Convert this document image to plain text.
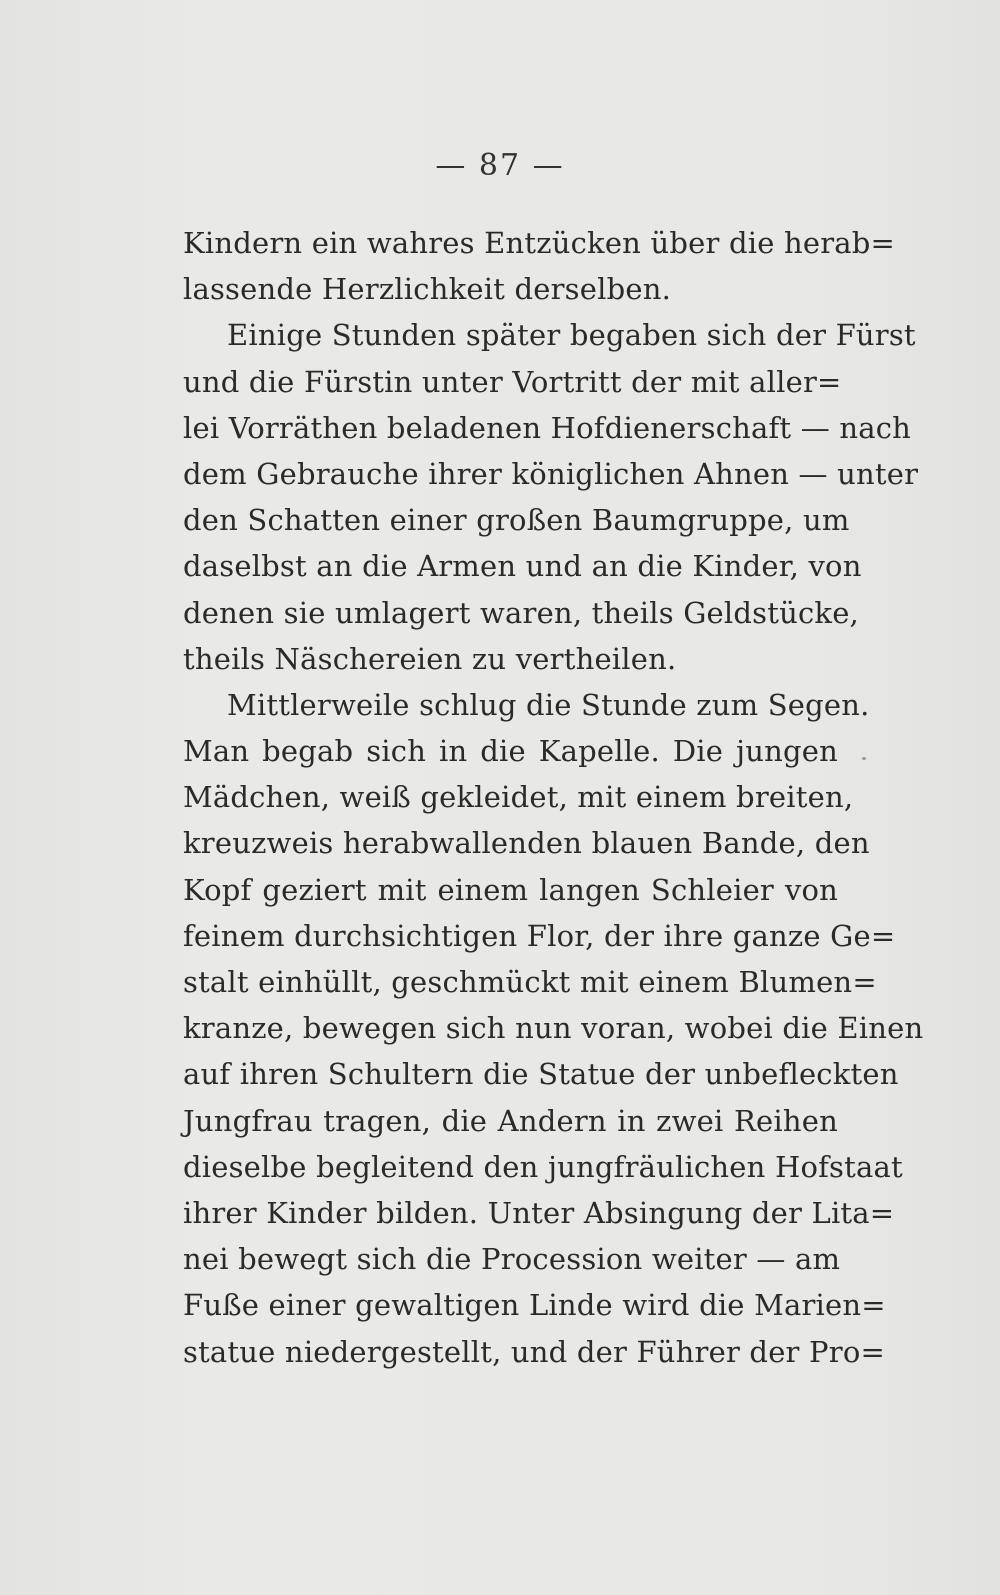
— 87 —
Kindern ein wahres Entzücken über die herab=
lassende Herzlichkeit derselben.
Einige Stunden später begaben sich der Fürst
und die Fürstin unter Vortritt der mit aller=
lei Vorräthen beladenen Hofdienerschaft — nach
dem Gebrauche ihrer königlichen Ahnen — unter
den Schatten einer großen Baumgruppe, um
daselbst an die Armen und an die Kinder, von
denen sie umlagert waren, theils Geldstücke,
theils Näschereien zu vertheilen.
Mittlerweile schlug die Stunde zum Segen.
Man begab sich in die Kapelle. Die jungen
Mädchen, weiß gekleidet, mit einem breiten,
kreuzweis herabwallenden blauen Bande, den
Kopf geziert mit einem langen Schleier von
feinem durchsichtigen Flor, der ihre ganze Ge=
stalt einhüllt, geschmückt mit einem Blumen=
kranze, bewegen sich nun voran, wobei die Einen
auf ihren Schultern die Statue der unbefleckten
Jungfrau tragen, die Andern in zwei Reihen
dieselbe begleitend den jungfräulichen Hofstaat
ihrer Kinder bilden. Unter Absingung der Lita=
nei bewegt sich die Procession weiter — am
Fuße einer gewaltigen Linde wird die Marien=
statue niedergestellt, und der Führer der Pro=
